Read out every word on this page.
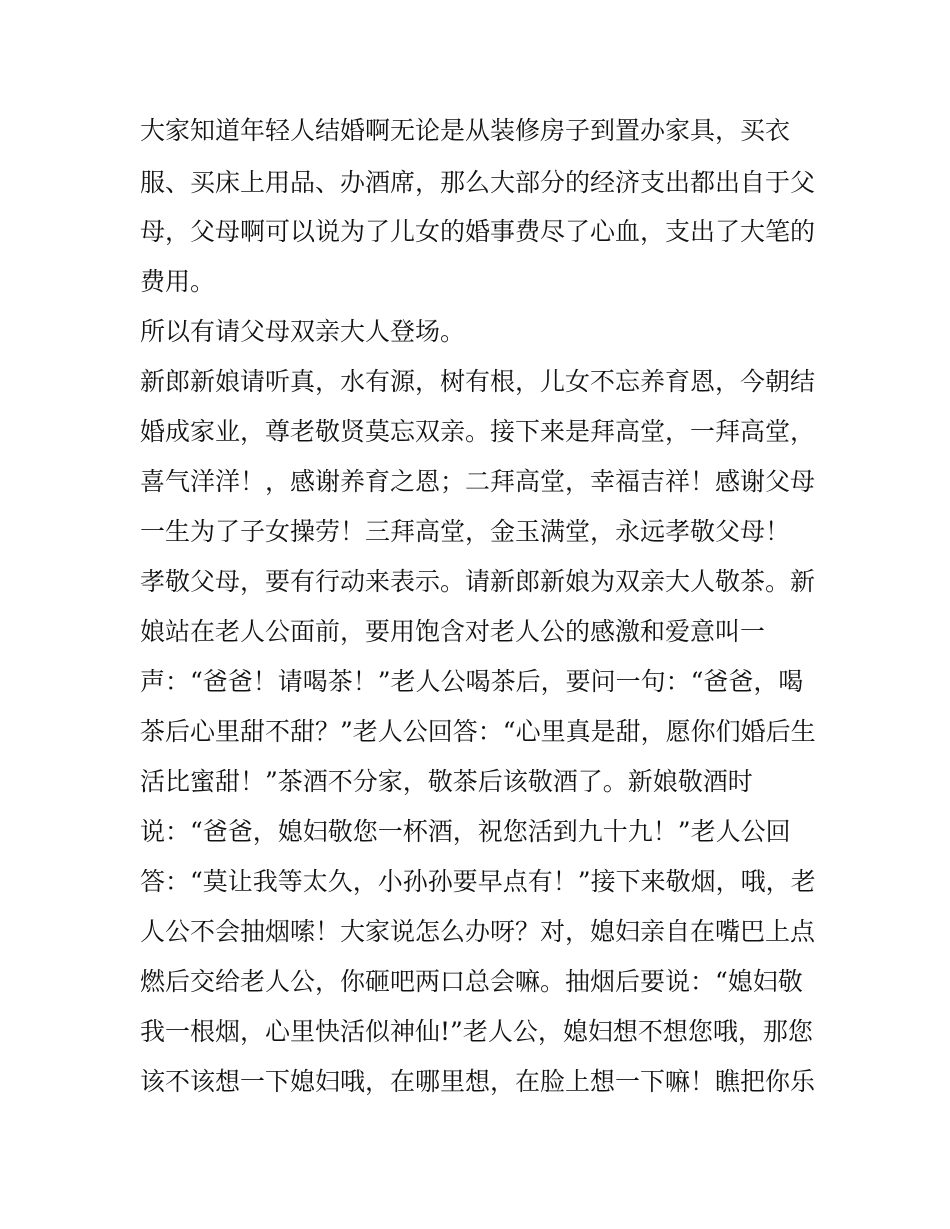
大家知道年轻人结婚啊无论是从装修房子到置办家具，买衣
服、买床上用品、办酒席，那么大部分的经济支出都出自于父
母，父母啊可以说为了儿女的婚事费尽了心血，支出了大笔的
费用。
所以有请父母双亲大人登场。
新郎新娘请听真，水有源，树有根，儿女不忘养育恩，今朝结
婚成家业，尊老敬贤莫忘双亲。接下来是拜高堂，一拜高堂，
喜气洋洋！，感谢养育之恩；二拜高堂，幸福吉祥！感谢父母
一生为了子女操劳！三拜高堂，金玉满堂，永远孝敬父母！
孝敬父母，要有行动来表示。请新郎新娘为双亲大人敬茶。新
娘站在老人公面前，要用饱含对老人公的感激和爱意叫一
声：“爸爸！请喝茶！”老人公喝茶后，要问一句：“爸爸，喝
茶后心里甜不甜？”老人公回答：“心里真是甜，愿你们婚后生
活比蜜甜！”茶酒不分家，敬茶后该敬酒了。新娘敬酒时
说：“爸爸，媳妇敬您一杯酒，祝您活到九十九！”老人公回
答：“莫让我等太久，小孙孙要早点有！”接下来敬烟，哦，老
人公不会抽烟嗦！大家说怎么办呀？对，媳妇亲自在嘴巴上点
燃后交给老人公，你砸吧两口总会嘛。抽烟后要说：“媳妇敬
我一根烟，心里快活似神仙!”老人公，媳妇想不想您哦，那您
该不该想一下媳妇哦，在哪里想，在脸上想一下嘛！瞧把你乐
